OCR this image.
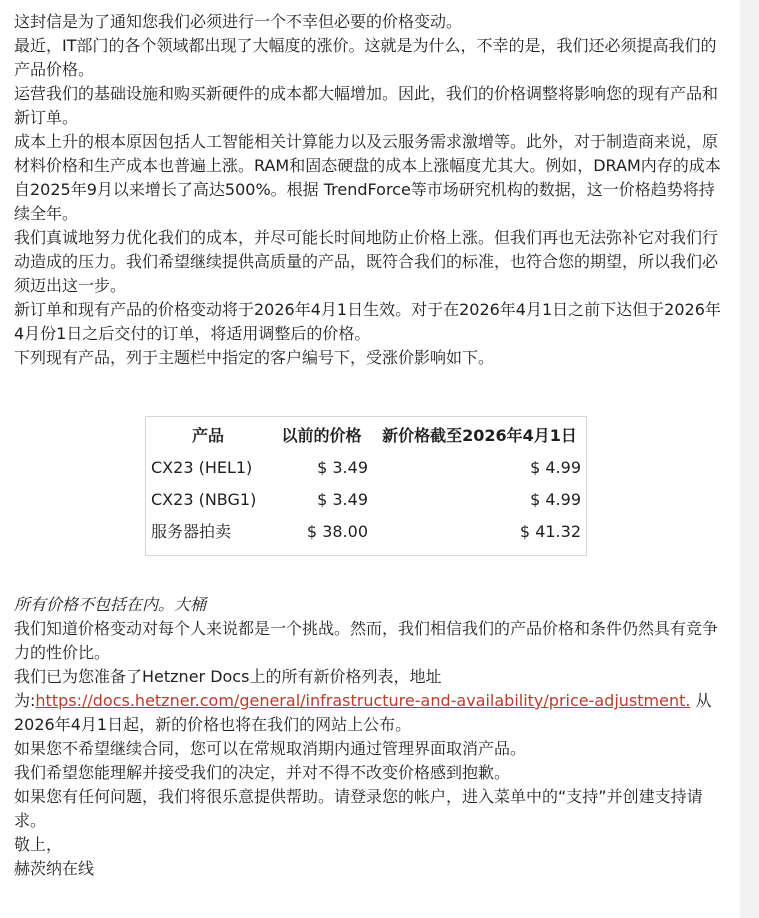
这封信是为了通知您我们必须进行一个不幸但必要的价格变动。

最近，IT部门的各个领域都出现了大幅度的涨价。这就是为什么，不幸的是，我们还必须提高我们的产品价格。

运营我们的基础设施和购买新硬件的成本都大幅增加。因此，我们的价格调整将影响您的现有产品和新订单。

成本上升的根本原因包括人工智能相关计算能力以及云服务需求激增等。此外，对于制造商来说，原材料价格和生产成本也普遍上涨。RAM和固态硬盘的成本上涨幅度尤其大。例如，DRAM内存的成本自2025年9月以来增长了高达500%。根据 TrendForce等市场研究机构的数据，这一价格趋势将持续全年。

我们真诚地努力优化我们的成本，并尽可能长时间地防止价格上涨。但我们再也无法弥补它对我们行动造成的压力。我们希望继续提供高质量的产品，既符合我们的标准，也符合您的期望，所以我们必须迈出这一步。

新订单和现有产品的价格变动将于2026年4月1日生效。对于在2026年4月1日之前下达但于2026年4月份1日之后交付的订单，将适用调整后的价格。

下列现有产品，列于主题栏中指定的客户编号下，受涨价影响如下。

产品	以前的价格	新价格截至2026年4月1日
CX23 (HEL1)	$ 3.49	$ 4.99
CX23 (NBG1)	$ 3.49	$ 4.99
服务器拍卖	$ 38.00	$ 41.32

所有价格不包括在内。大桶

我们知道价格变动对每个人来说都是一个挑战。然而，我们相信我们的产品价格和条件仍然具有竞争力的性价比。

我们已为您准备了Hetzner Docs上的所有新价格列表，地址为:https://docs.hetzner.com/general/infrastructure-and-availability/price-adjustment. 从2026年4月1日起，新的价格也将在我们的网站上公布。

如果您不希望继续合同，您可以在常规取消期内通过管理界面取消产品。

我们希望您能理解并接受我们的决定，并对不得不改变价格感到抱歉。

如果您有任何问题，我们将很乐意提供帮助。请登录您的帐户，进入菜单中的“支持”并创建支持请求。

敬上，

赫茨纳在线
